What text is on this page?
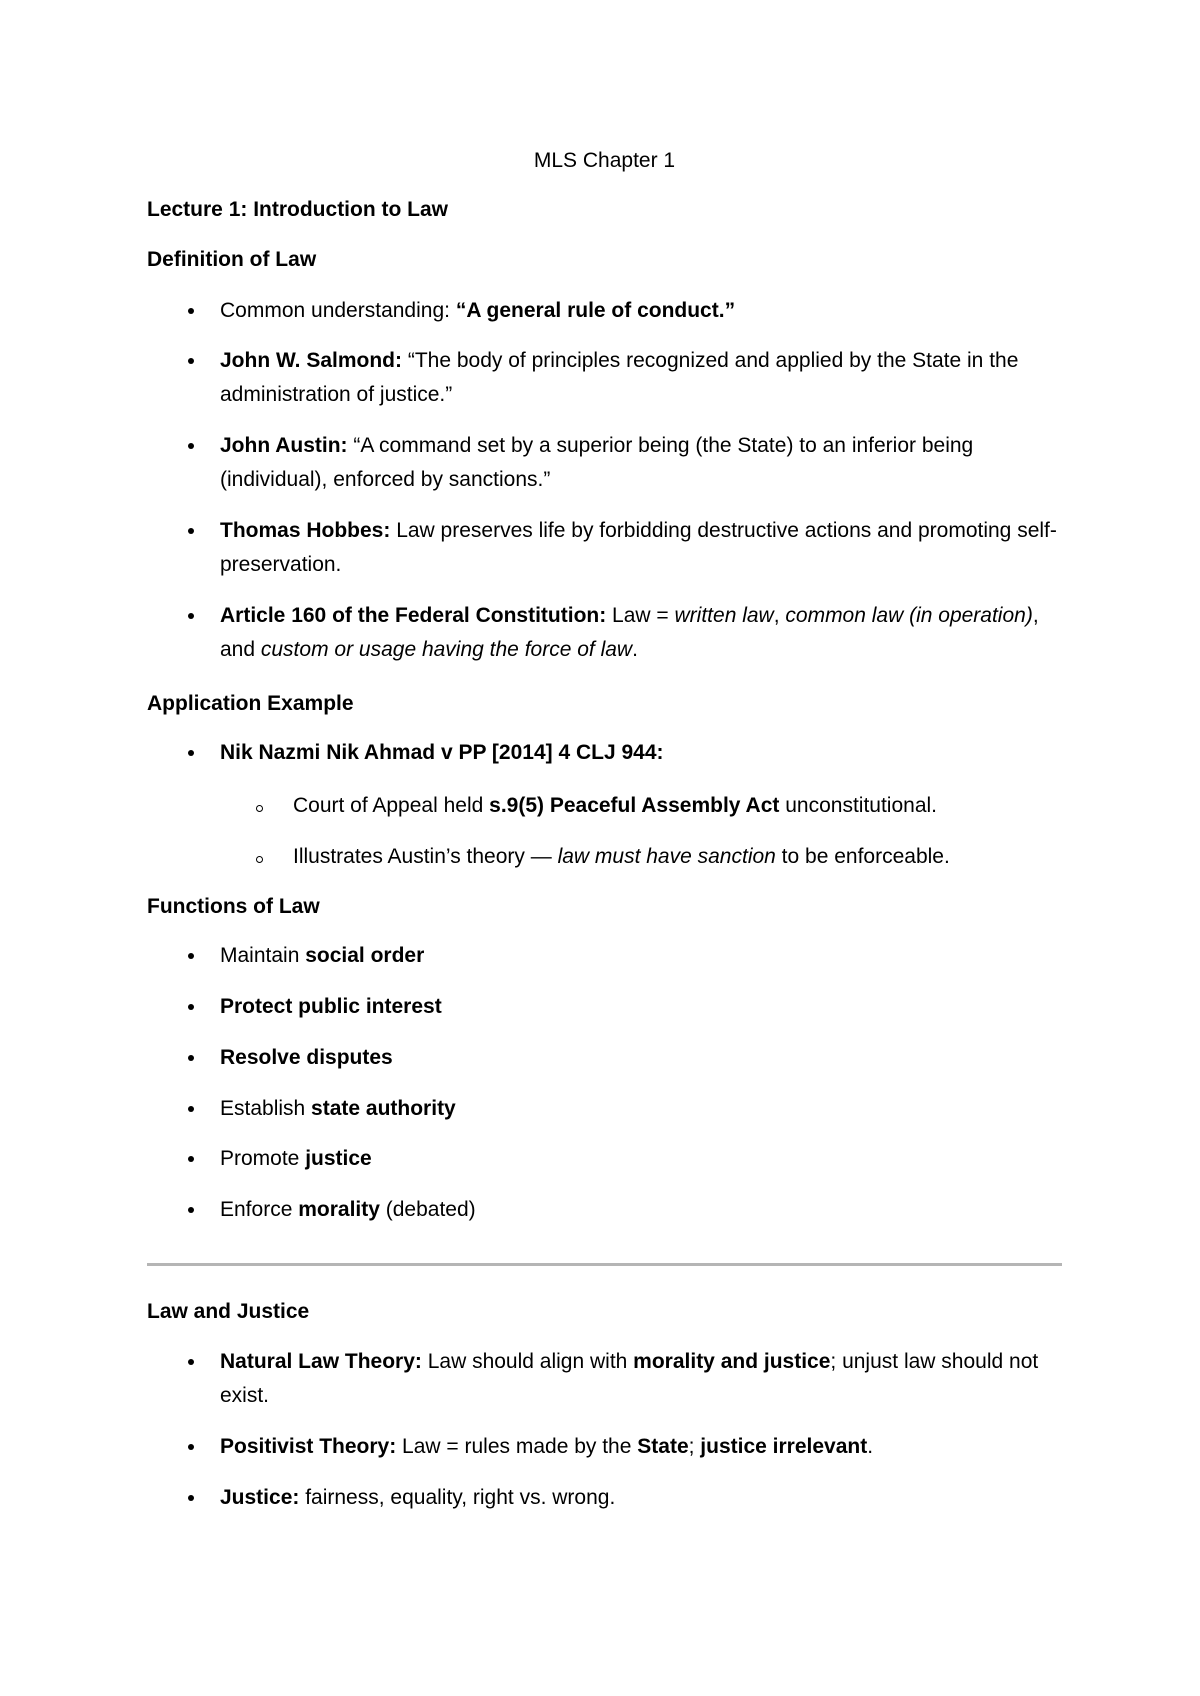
MLS Chapter 1
Lecture 1: Introduction to Law
Definition of Law
Common understanding: “A general rule of conduct.”
John W. Salmond: “The body of principles recognized and applied by the State in the administration of justice.”
John Austin: “A command set by a superior being (the State) to an inferior being (individual), enforced by sanctions.”
Thomas Hobbes: Law preserves life by forbidding destructive actions and promoting self-preservation.
Article 160 of the Federal Constitution: Law = written law, common law (in operation), and custom or usage having the force of law.
Application Example
Nik Nazmi Nik Ahmad v PP [2014] 4 CLJ 944:
Court of Appeal held s.9(5) Peaceful Assembly Act unconstitutional.
Illustrates Austin’s theory — law must have sanction to be enforceable.
Functions of Law
Maintain social order
Protect public interest
Resolve disputes
Establish state authority
Promote justice
Enforce morality (debated)
Law and Justice
Natural Law Theory: Law should align with morality and justice; unjust law should not exist.
Positivist Theory: Law = rules made by the State; justice irrelevant.
Justice: fairness, equality, right vs. wrong.
